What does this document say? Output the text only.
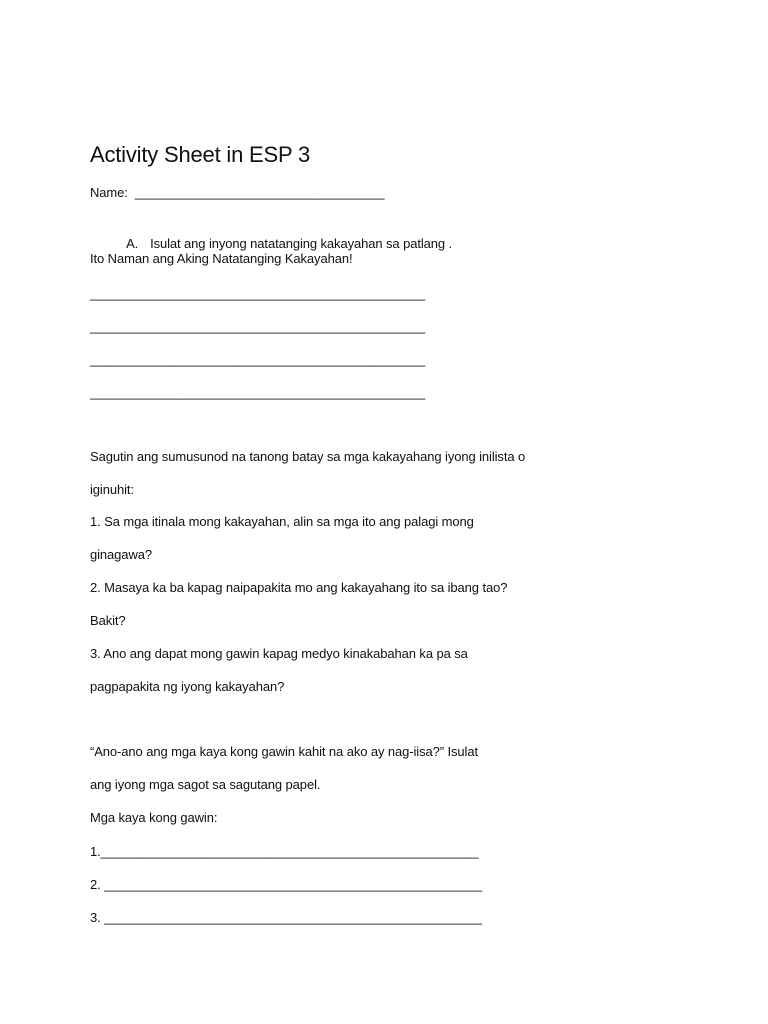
Activity Sheet in ESP 3
Name:  ___________________________________

A. Isulat ang inyong natatanging kakayahan sa patlang .

Ito Naman ang Aking Natatanging Kakayahan!
_______________________________________________
_______________________________________________
_______________________________________________
_______________________________________________
Sagutin ang sumusunod na tanong batay sa mga kakayahang iyong inilista o
iginuhit:
1. Sa mga itinala mong kakayahan, alin sa mga ito ang palagi mong
ginagawa?
2. Masaya ka ba kapag naipapakita mo ang kakayahang ito sa ibang tao?
Bakit?
3. Ano ang dapat mong gawin kapag medyo kinakabahan ka pa sa
pagpapakita ng iyong kakayahan?
“Ano-ano ang mga kaya kong gawin kahit na ako ay nag-iisa?” Isulat
ang iyong mga sagot sa sagutang papel.
Mga kaya kong gawin:
1._____________________________________________________
2. _____________________________________________________
3. _____________________________________________________
